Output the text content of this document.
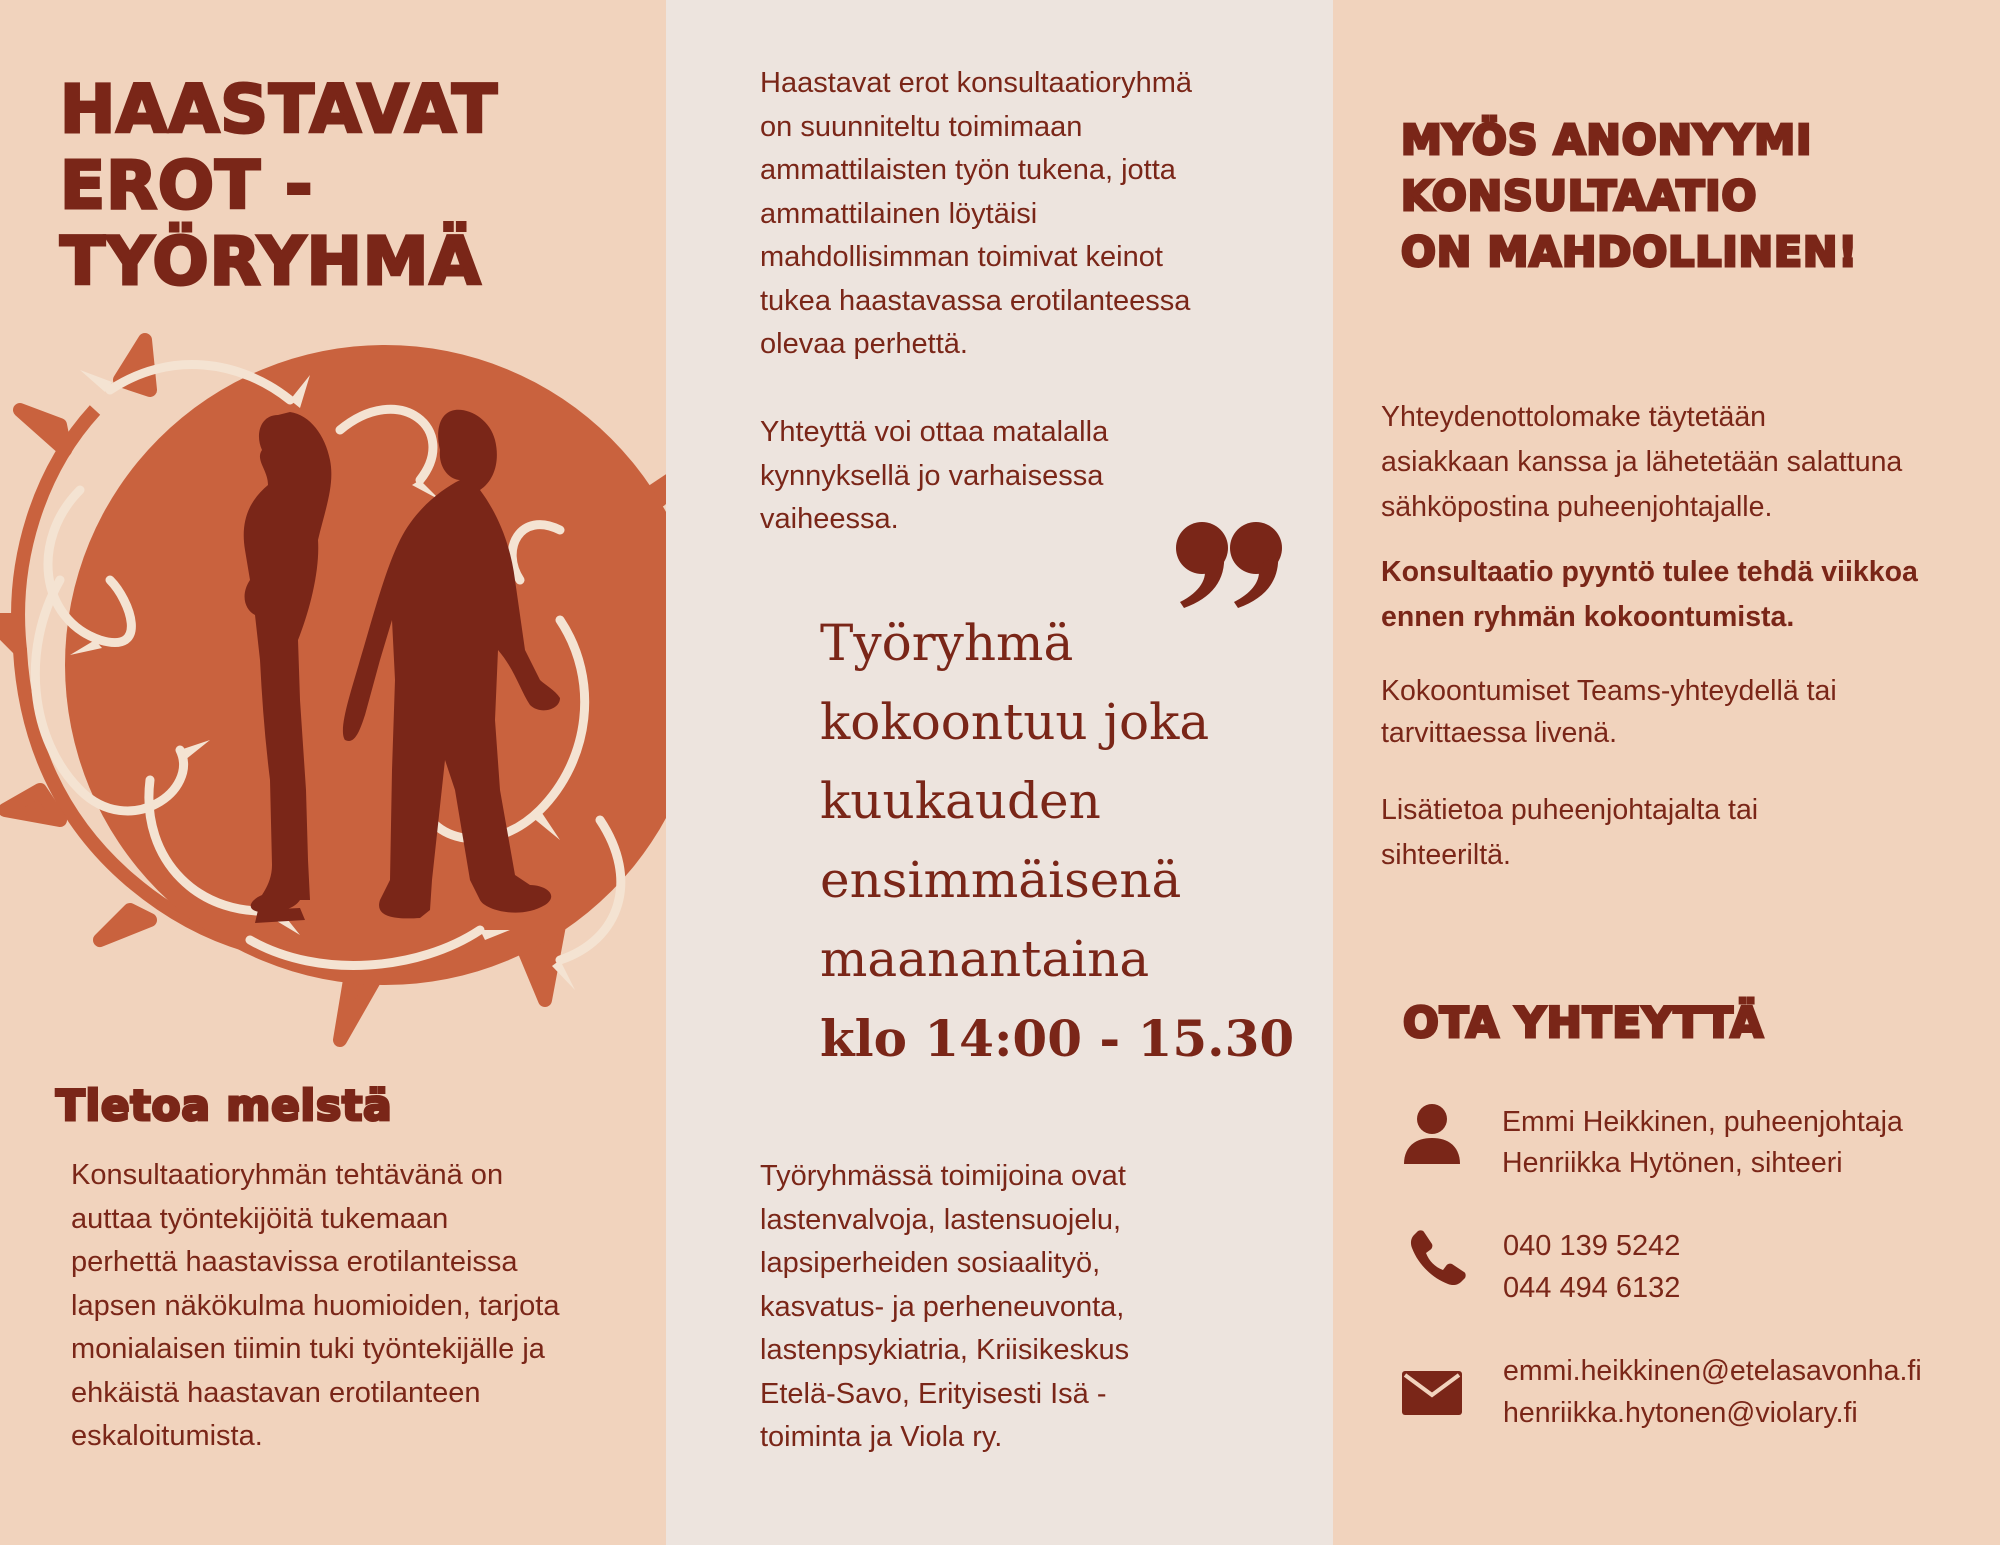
HAASTAVAT
EROT -
TYÖRYHMÄ
Tietoa meistä
Konsultaatioryhmän tehtävänä on
auttaa työntekijöitä tukemaan
perhettä haastavissa erotilanteissa
lapsen näkökulma huomioiden, tarjota
monialaisen tiimin tuki työntekijälle ja
ehkäistä haastavan erotilanteen
eskaloitumista.
Haastavat erot konsultaatioryhmä
on suunniteltu toimimaan
ammattilaisten työn tukena, jotta
ammattilainen löytäisi
mahdollisimman toimivat keinot
tukea haastavassa erotilanteessa
olevaa perhettä.
Yhteyttä voi ottaa matalalla
kynnyksellä jo varhaisessa
vaiheessa.
Työryhmä
kokoontuu joka
kuukauden
ensimmäisenä
maanantaina
klo 14:00 - 15.30
Työryhmässä toimijoina ovat
lastenvalvoja, lastensuojelu,
lapsiperheiden sosiaalityö,
kasvatus- ja perheneuvonta,
lastenpsykiatria, Kriisikeskus
Etelä-Savo, Erityisesti Isä -
toiminta ja Viola ry.
MYÖS ANONYYMI
KONSULTAATIO
ON MAHDOLLINEN!
Yhteydenottolomake täytetään
asiakkaan kanssa ja lähetetään salattuna
sähköpostina puheenjohtajalle.
Konsultaatio pyyntö tulee tehdä viikkoa
ennen ryhmän kokoontumista.
Kokoontumiset Teams-yhteydellä tai
tarvittaessa livenä.
Lisätietoa puheenjohtajalta tai
sihteeriltä.
OTA YHTEYTTÄ
Emmi Heikkinen, puheenjohtaja
Henriikka Hytönen, sihteeri
040 139 5242
044 494 6132
emmi.heikkinen@etelasavonha.fi
henriikka.hytonen@violary.fi
